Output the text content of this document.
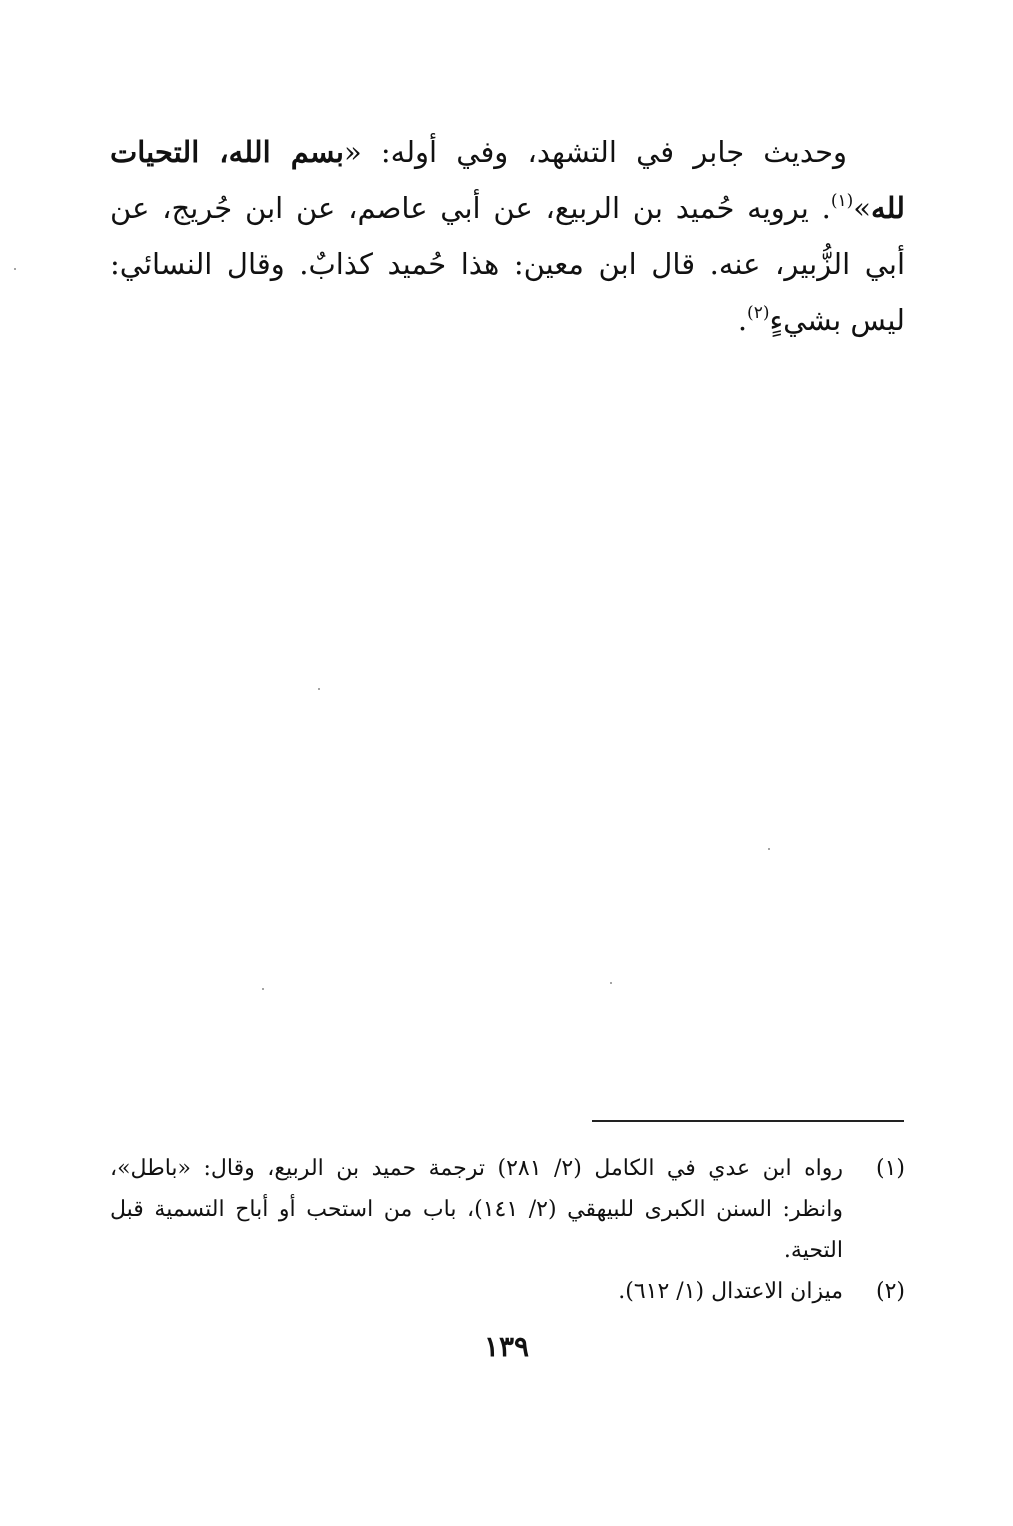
وحديث جابر في التشهد، وفي أوله: «بسم الله، التحيات لله»$^{(١)}$. يرويه حُميد بن الربيع، عن أبي عاصم، عن ابن جُريج، عن أبي الزُّبير، عنه. قال ابن معين: هذا حُميد كذابٌ. وقال النسائي: ليس بشيءٍ$^{(٢)}$.

(١)
رواه ابن عدي في الكامل (٢/ ٢٨١) ترجمة حميد بن الربيع، وقال: «باطل»، وانظر: السنن الكبرى للبيهقي (٢/ ١٤١)، باب من استحب أو أباح التسمية قبل التحية.
(٢)
ميزان الاعتدال (١/ ٦١٢).
١٣٩
